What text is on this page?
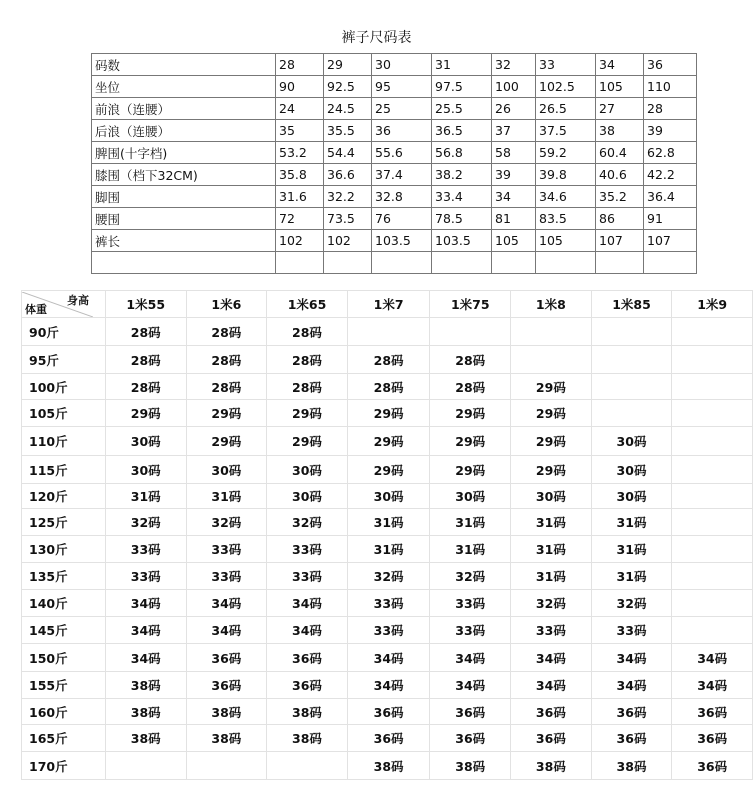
裤子尺码表
码数	28	29	30	31	32	33	34	36
坐位	90	92.5	95	97.5	100	102.5	105	110
前浪（连腰）	24	24.5	25	25.5	26	26.5	27	28
后浪（连腰）	35	35.5	36	36.5	37	37.5	38	39
脾围(十字档)	53.2	54.4	55.6	56.8	58	59.2	60.4	62.8
膝围（档下32CM)	35.8	36.6	37.4	38.2	39	39.8	40.6	42.2
脚围	31.6	32.2	32.8	33.4	34	34.6	35.2	36.4
腰围	72	73.5	76	78.5	81	83.5	86	91
裤长	102	102	103.5	103.5	105	105	107	107

身高
体重	1米55	1米6	1米65	1米7	1米75	1米8	1米85	1米9
90斤	28码	28码	28码					
95斤	28码	28码	28码	28码	28码			
100斤	28码	28码	28码	28码	28码	29码		
105斤	29码	29码	29码	29码	29码	29码		
110斤	30码	29码	29码	29码	29码	29码	30码	
115斤	30码	30码	30码	29码	29码	29码	30码	
120斤	31码	31码	30码	30码	30码	30码	30码	
125斤	32码	32码	32码	31码	31码	31码	31码	
130斤	33码	33码	33码	31码	31码	31码	31码	
135斤	33码	33码	33码	32码	32码	31码	31码	
140斤	34码	34码	34码	33码	33码	32码	32码	
145斤	34码	34码	34码	33码	33码	33码	33码	
150斤	34码	36码	36码	34码	34码	34码	34码	34码
155斤	38码	36码	36码	34码	34码	34码	34码	34码
160斤	38码	38码	38码	36码	36码	36码	36码	36码
165斤	38码	38码	38码	36码	36码	36码	36码	36码
170斤				38码	38码	38码	38码	36码
